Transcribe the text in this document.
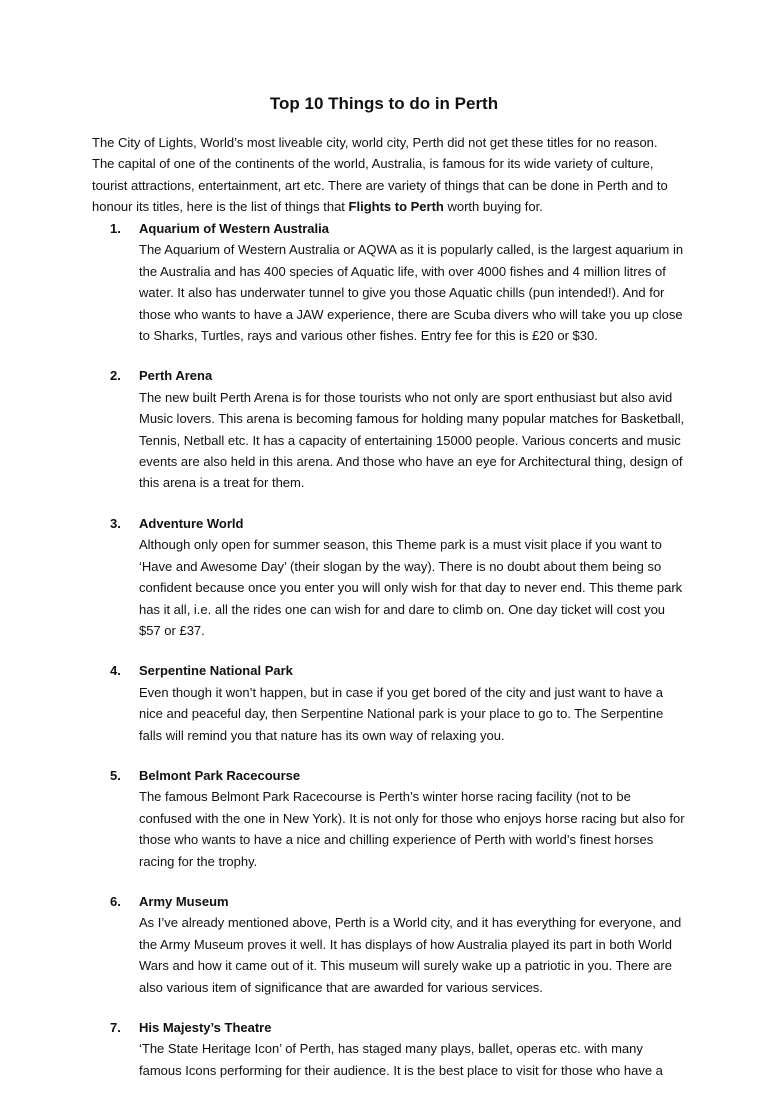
Top 10 Things to do in Perth

The City of Lights, World’s most liveable city, world city, Perth did not get these titles for no reason. The capital of one of the continents of the world, Australia, is famous for its wide variety of culture, tourist attractions, entertainment, art etc. There are variety of things that can be done in Perth and to honour its titles, here is the list of things that Flights to Perth worth buying for.

1.	Aquarium of Western Australia

The Aquarium of Western Australia or AQWA as it is popularly called, is the largest aquarium in the Australia and has 400 species of Aquatic life, with over 4000 fishes and 4 million litres of water. It also has underwater tunnel to give you those Aquatic chills (pun intended!). And for those who wants to have a JAW experience, there are Scuba divers who will take you up close to Sharks, Turtles, rays and various other fishes. Entry fee for this is £20 or $30.

2.	Perth Arena

The new built Perth Arena is for those tourists who not only are sport enthusiast but also avid Music lovers. This arena is becoming famous for holding many popular matches for Basketball, Tennis, Netball etc. It has a capacity of entertaining 15000 people. Various concerts and music events are also held in this arena. And those who have an eye for Architectural thing, design of this arena is a treat for them.

3.	Adventure World

Although only open for summer season, this Theme park is a must visit place if you want to ‘Have and Awesome Day’ (their slogan by the way). There is no doubt about them being so confident because once you enter you will only wish for that day to never end. This theme park has it all, i.e. all the rides one can wish for and dare to climb on. One day ticket will cost you $57 or £37.

4.	Serpentine National Park

Even though it won’t happen, but in case if you get bored of the city and just want to have a nice and peaceful day, then Serpentine National park is your place to go to. The Serpentine falls will remind you that nature has its own way of relaxing you.

5.	Belmont Park Racecourse

The famous Belmont Park Racecourse is Perth’s winter horse racing facility (not to be confused with the one in New York). It is not only for those who enjoys horse racing but also for those who wants to have a nice and chilling experience of Perth with world’s finest horses racing for the trophy.

6.	Army Museum

As I’ve already mentioned above, Perth is a World city, and it has everything for everyone, and the Army Museum proves it well. It has displays of how Australia played its part in both World Wars and how it came out of it. This museum will surely wake up a patriotic in you. There are also various item of significance that are awarded for various services.

7.	His Majesty’s Theatre

‘The State Heritage Icon’ of Perth, has staged many plays, ballet, operas etc. with many famous Icons performing for their audience. It is the best place to visit for those who have a
